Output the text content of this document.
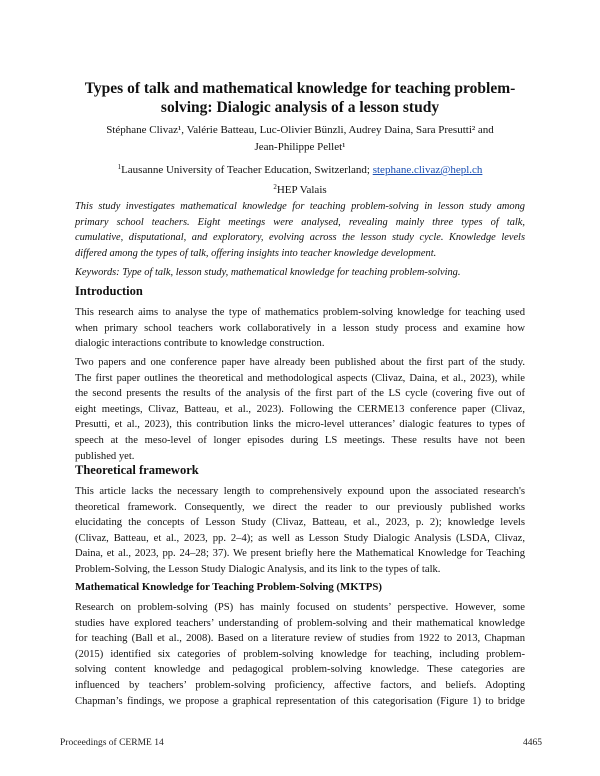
Types of talk and mathematical knowledge for teaching problem-
solving: Dialogic analysis of a lesson study
Stéphane Clivaz¹, Valérie Batteau, Luc-Olivier Bünzli, Audrey Daina, Sara Presutti² and
Jean-Philippe Pellet¹
$^1$Lausanne University of Teacher Education, Switzerland; stephane.clivaz@hepl.ch
$^2$HEP Valais
This study investigates mathematical knowledge for teaching problem-solving in lesson study among
primary school teachers. Eight meetings were analysed, revealing mainly three types of talk,
cumulative, disputational, and exploratory, evolving across the lesson study cycle. Knowledge levels
differed among the types of talk, offering insights into teacher knowledge development.
Keywords: Type of talk, lesson study, mathematical knowledge for teaching problem-solving.
Introduction
This research aims to analyse the type of mathematics problem-solving knowledge for teaching used
when primary school teachers work collaboratively in a lesson study process and examine how
dialogic interactions contribute to knowledge construction.
Two papers and one conference paper have already been published about the first part of the study.
The first paper outlines the theoretical and methodological aspects (Clivaz, Daina, et al., 2023), while
the second presents the results of the analysis of the first part of the LS cycle (covering five out of
eight meetings, Clivaz, Batteau, et al., 2023). Following the CERME13 conference paper (Clivaz,
Presutti, et al., 2023), this contribution links the micro-level utterances’ dialogic features to types of
speech at the meso-level of longer episodes during LS meetings. These results have not been
published yet.
Theoretical framework
This article lacks the necessary length to comprehensively expound upon the associated research's
theoretical framework. Consequently, we direct the reader to our previously published works
elucidating the concepts of Lesson Study (Clivaz, Batteau, et al., 2023, p. 2); knowledge levels
(Clivaz, Batteau, et al., 2023, pp. 2–4); as well as Lesson Study Dialogic Analysis (LSDA, Clivaz,
Daina, et al., 2023, pp. 24–28; 37). We present briefly here the Mathematical Knowledge for Teaching
Problem-Solving, the Lesson Study Dialogic Analysis, and its link to the types of talk.
Mathematical Knowledge for Teaching Problem-Solving (MKTPS)
Research on problem-solving (PS) has mainly focused on students’ perspective. However, some
studies have explored teachers’ understanding of problem-solving and their mathematical knowledge
for teaching (Ball et al., 2008). Based on a literature review of studies from 1922 to 2013, Chapman
(2015) identified six categories of problem-solving knowledge for teaching, including problem-
solving content knowledge and pedagogical problem-solving knowledge. These categories are
influenced by teachers’ problem-solving proficiency, affective factors, and beliefs. Adopting
Chapman’s findings, we propose a graphical representation of this categorisation (Figure 1) to bridge
Proceedings of CERME 14	4465
